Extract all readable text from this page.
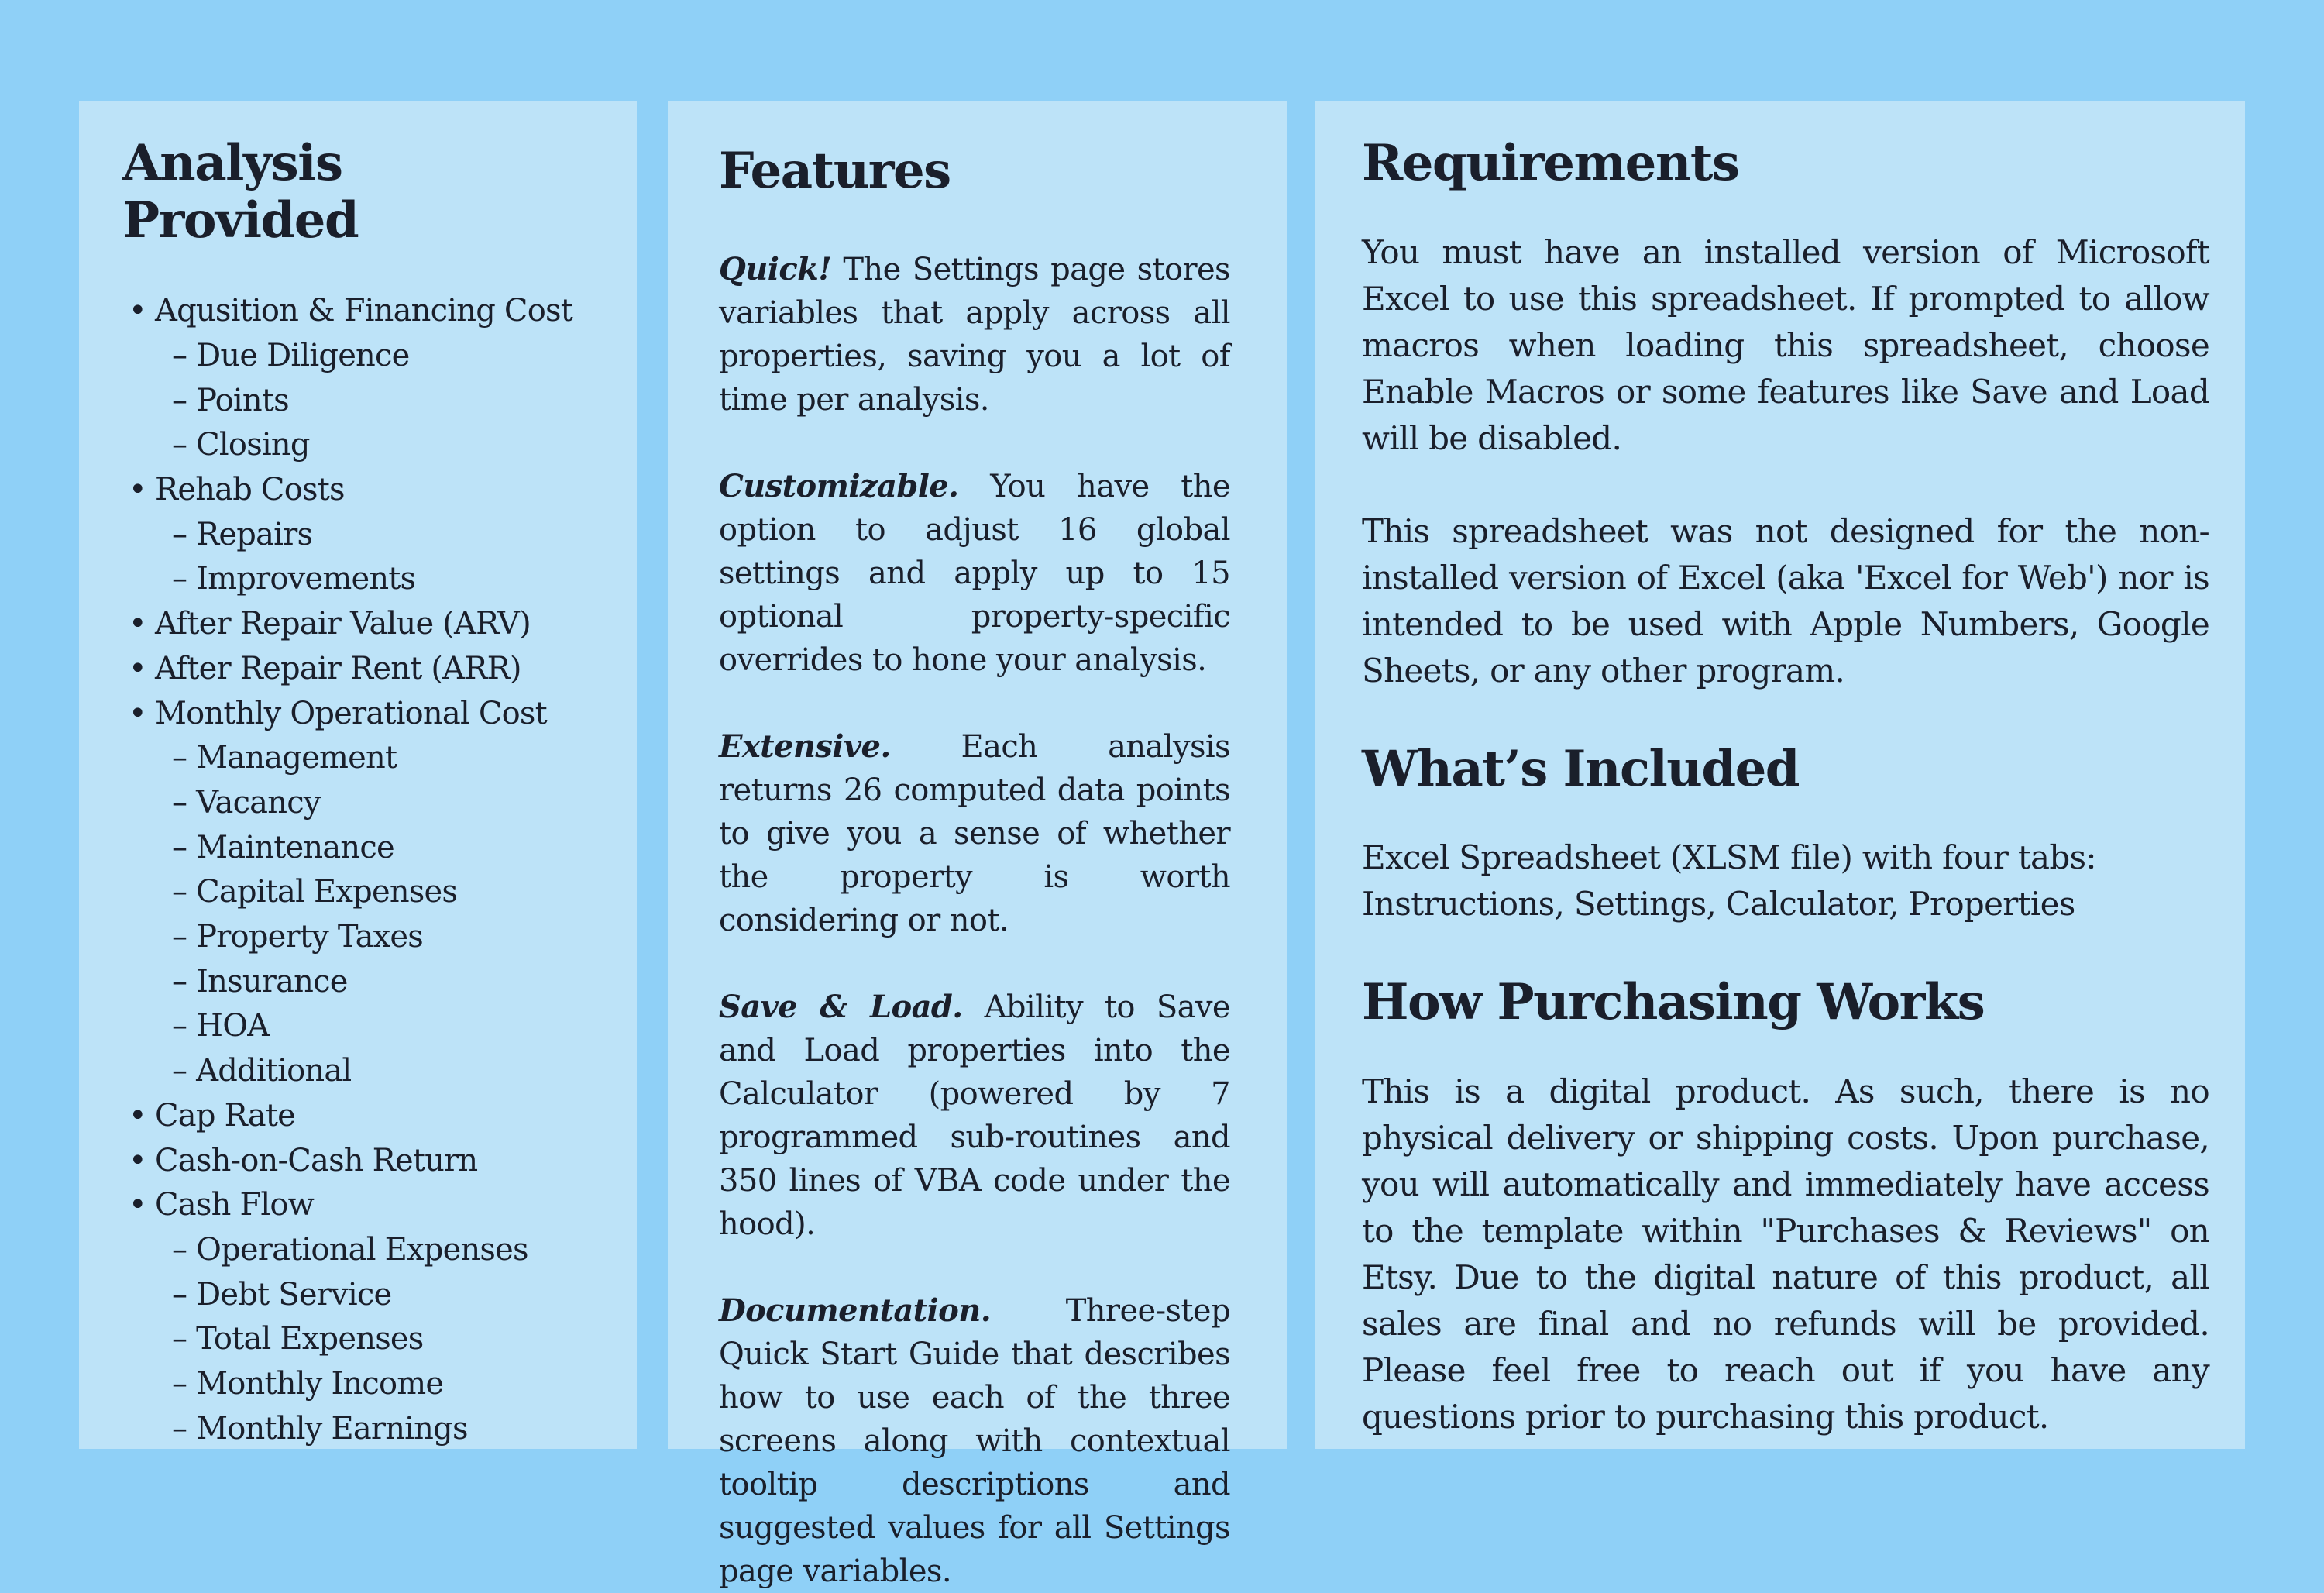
Analysis Provided
• Aqusition & Financing Cost
– Due Diligence
– Points
– Closing
• Rehab Costs
– Repairs
– Improvements
• After Repair Value (ARV)
• After Repair Rent (ARR)
• Monthly Operational Cost
– Management
– Vacancy
– Maintenance
– Capital Expenses
– Property Taxes
– Insurance
– HOA
– Additional
• Cap Rate
• Cash-on-Cash Return
• Cash Flow
– Operational Expenses
– Debt Service
– Total Expenses
– Monthly Income
– Monthly Earnings
Features

Quick! The Settings page stores variables that apply across all properties, saving you a lot of time per analysis.

Customizable. You have the option to adjust 16 global settings and apply up to 15 optional property-specific overrides to hone your analysis.

Extensive. Each analysis returns 26 computed data points to give you a sense of whether the property is worth considering or not.

Save & Load. Ability to Save and Load properties into the Calculator (powered by 7 programmed sub-routines and 350 lines of VBA code under the hood).

Documentation. Three-step Quick Start Guide that describes how to use each of the three screens along with contextual tooltip descriptions and suggested values for all Settings page variables.

Requirements

You must have an installed version of Microsoft Excel to use this spreadsheet. If prompted to allow macros when loading this spreadsheet, choose Enable Macros or some features like Save and Load will be disabled.

This spreadsheet was not designed for the non-installed version of Excel (aka 'Excel for Web') nor is intended to be used with Apple Numbers, Google Sheets, or any other program.

What’s Included

Excel Spreadsheet (XLSM file) with four tabs:
Instructions, Settings, Calculator, Properties

How Purchasing Works

This is a digital product. As such, there is no physical delivery or shipping costs. Upon purchase, you will automatically and immediately have access to the template within "Purchases & Reviews" on Etsy. Due to the digital nature of this product, all sales are final and no refunds will be provided. Please feel free to reach out if you have any questions prior to purchasing this product.
